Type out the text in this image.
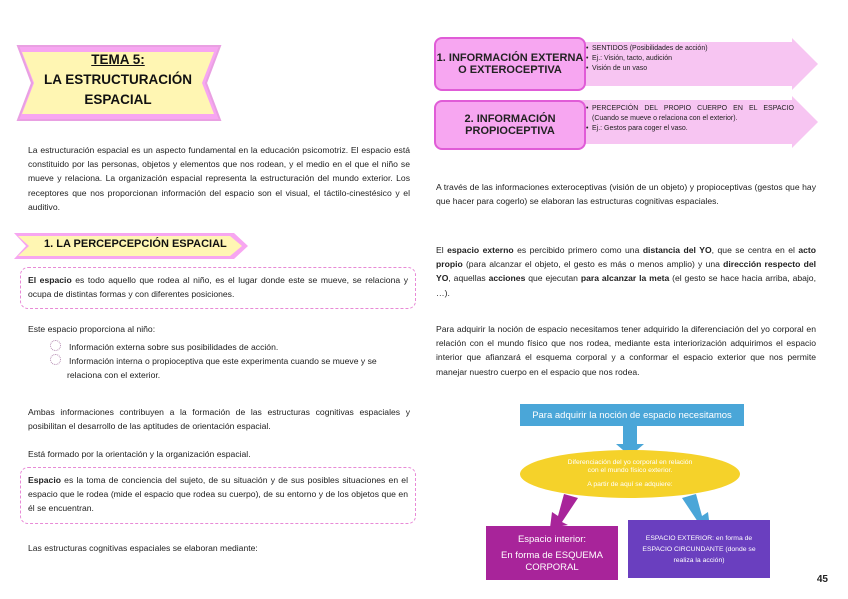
TEMA 5:
LA ESTRUCTURACIÓN
ESPACIAL
La estructuración espacial es un aspecto fundamental en la educación psicomotriz. El espacio está constituido por las personas, objetos y elementos que nos rodean, y el medio en el que el niño se mueve y relaciona. La organización espacial representa la estructuración del mundo exterior. Los receptores que nos proporcionan información del espacio son el visual, el táctilo-cinestésico y el auditivo.
1. LA PERCEPCEPCIÓN ESPACIAL
El espacio es todo aquello que rodea al niño, es el lugar donde este se mueve, se relaciona y ocupa de distintas formas y con diferentes posiciones.
Este espacio proporciona al niño:
Información externa sobre sus posibilidades de acción.
Información interna o propioceptiva que este experimenta cuando se mueve y se relaciona con el exterior.
Ambas informaciones contribuyen a la formación de las estructuras cognitivas espaciales y posibilitan el desarrollo de las aptitudes de orientación espacial.
Está formado por la orientación y la organización espacial.
Espacio es la toma de conciencia del sujeto, de su situación y de sus posibles situaciones en el espacio que le rodea (mide el espacio que rodea su cuerpo), de su entorno y de los objetos que en él se encuentran.
Las estructuras cognitivas espaciales se elaboran mediante:
1. INFORMACIÓN EXTERNA O EXTEROCEPTIVA
• SENTIDOS (Posibilidades de acción)
• Ej.: Visión, tacto, audición
• Visión de un vaso
2. INFORMACIÓN PROPIOCEPTIVA
• PERCEPCIÓN DEL PROPIO CUERPO EN EL ESPACIO (Cuando se mueve o relaciona con el exterior).
• Ej.: Gestos para coger el vaso.
A través de las informaciones exteroceptivas (visión de un objeto) y propioceptivas (gestos que hay que hacer para cogerlo) se elaboran las estructuras cognitivas espaciales.
El espacio externo es percibido primero como una distancia del YO, que se centra en el acto propio (para alcanzar el objeto, el gesto es más o menos amplio) y una dirección respecto del YO, aquellas acciones que ejecutan para alcanzar la meta (el gesto se hace hacia arriba, abajo, …).
Para adquirir la noción de espacio necesitamos tener adquirido la diferenciación del yo corporal en relación con el mundo físico que nos rodea, mediante esta interiorización adquirimos el espacio interior que afianzará el esquema corporal y a conformar el espacio exterior que nos permite manejar nuestro cuerpo en el espacio que nos rodea.
Para adquirir la noción de espacio necesitamos
Diferenciación del yo corporal en relación
con el mundo físico exterior.
A partir de aquí se adquiere:
Espacio interior:
En forma de ESQUEMA
CORPORAL
ESPACIO EXTERIOR: en forma de
ESPACIO CIRCUNDANTE (donde se
realiza la acción)
45
